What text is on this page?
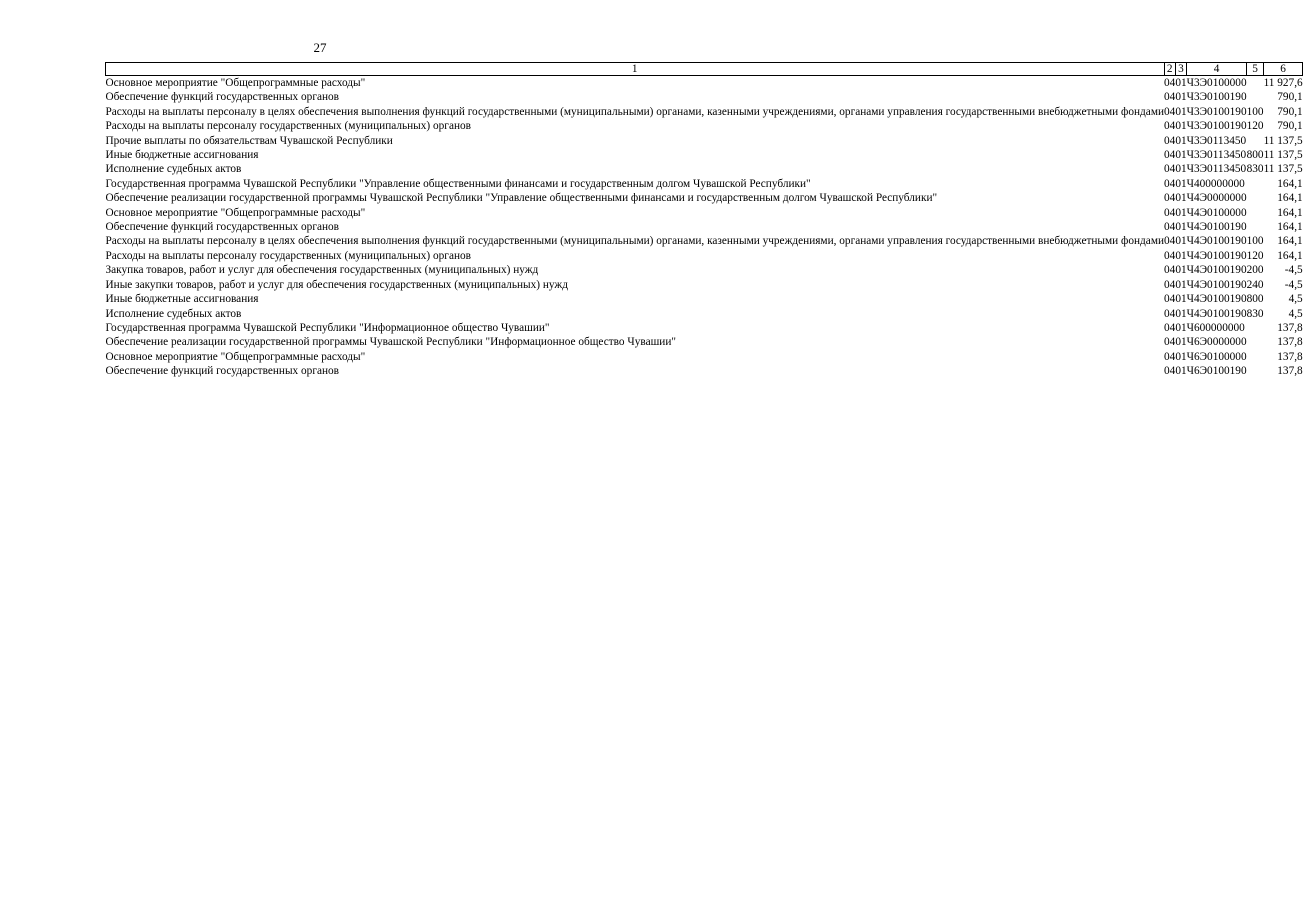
27
1	2	3	4	5	6
Основное мероприятие "Общепрограммные расходы"	04	01	Ч3Э0100000		11 927,6
Обеспечение функций государственных органов	04	01	Ч3Э0100190		790,1
Расходы на выплаты персоналу в целях обеспечения выполнения функций государственными (муниципальными) органами, казенными учреждениями, органами управления государственными внебюджетными фондами	04	01	Ч3Э0100190	100	790,1
Расходы на выплаты персоналу государственных (муниципальных) органов	04	01	Ч3Э0100190	120	790,1
Прочие выплаты по обязательствам Чувашской Республики	04	01	Ч3Э0113450		11 137,5
Иные бюджетные ассигнования	04	01	Ч3Э0113450	800	11 137,5
Исполнение судебных актов	04	01	Ч3Э0113450	830	11 137,5
Государственная программа Чувашской Республики "Управление общественными финансами и государственным долгом Чувашской Республики"	04	01	Ч400000000		164,1
Обеспечение реализации государственной программы Чувашской Республики "Управление общественными финансами и государственным долгом Чувашской Республики"	04	01	Ч4Э0000000		164,1
Основное мероприятие "Общепрограммные расходы"	04	01	Ч4Э0100000		164,1
Обеспечение функций государственных органов	04	01	Ч4Э0100190		164,1
Расходы на выплаты персоналу в целях обеспечения выполнения функций государственными (муниципальными) органами, казенными учреждениями, органами управления государственными внебюджетными фондами	04	01	Ч4Э0100190	100	164,1
Расходы на выплаты персоналу государственных (муниципальных) органов	04	01	Ч4Э0100190	120	164,1
Закупка товаров, работ и услуг для обеспечения государственных (муниципальных) нужд	04	01	Ч4Э0100190	200	-4,5
Иные закупки товаров, работ и услуг для обеспечения государственных (муниципальных) нужд	04	01	Ч4Э0100190	240	-4,5
Иные бюджетные ассигнования	04	01	Ч4Э0100190	800	4,5
Исполнение судебных актов	04	01	Ч4Э0100190	830	4,5
Государственная программа Чувашской Республики "Информационное общество Чувашии"	04	01	Ч600000000		137,8
Обеспечение реализации государственной программы Чувашской Республики "Информационное общество Чувашии"	04	01	Ч6Э0000000		137,8
Основное мероприятие "Общепрограммные расходы"	04	01	Ч6Э0100000		137,8
Обеспечение функций государственных органов	04	01	Ч6Э0100190		137,8
